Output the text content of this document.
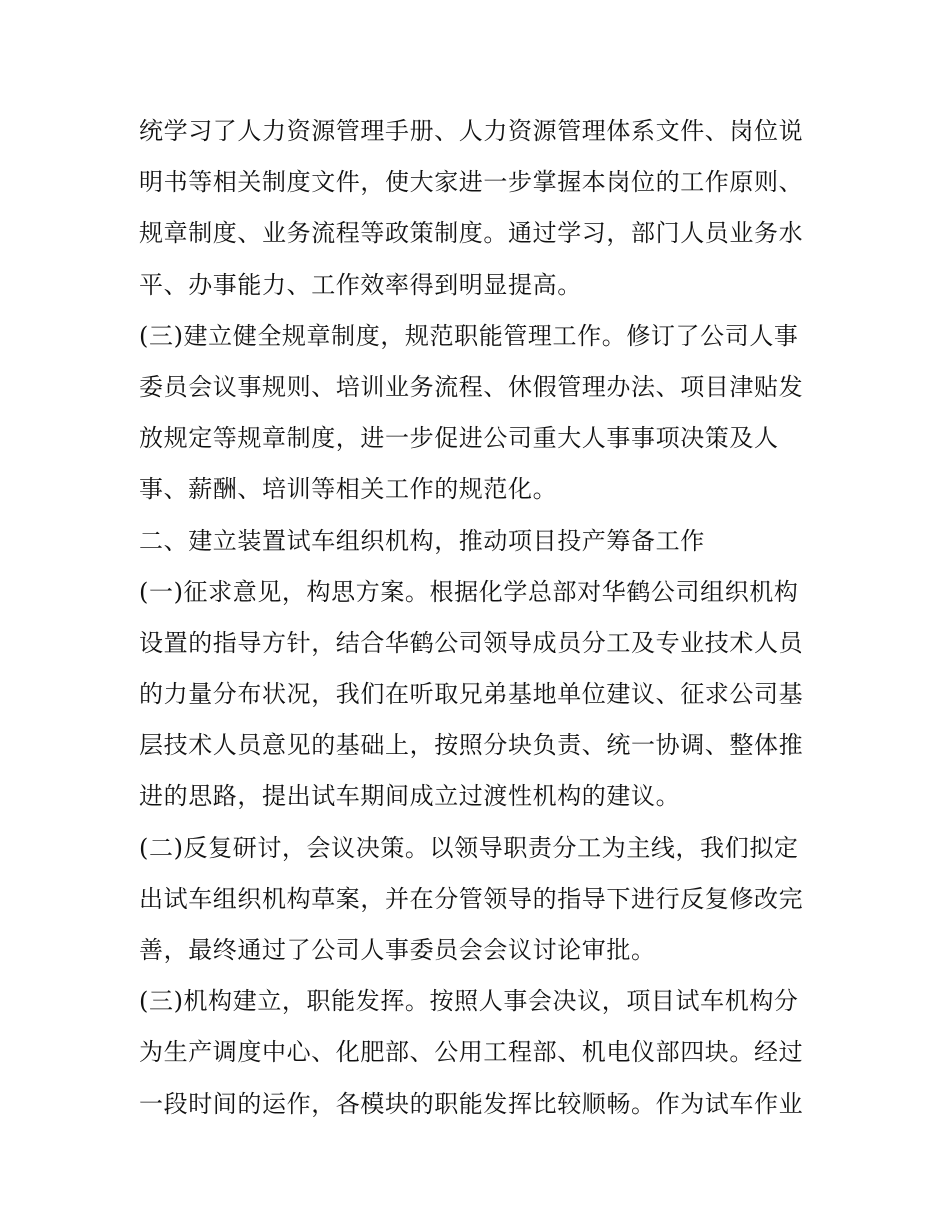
统学习了人力资源管理手册、人力资源管理体系文件、岗位说
明书等相关制度文件，使大家进一步掌握本岗位的工作原则、
规章制度、业务流程等政策制度。通过学习，部门人员业务水
平、办事能力、工作效率得到明显提高。
(三)建立健全规章制度，规范职能管理工作。修订了公司人事
委员会议事规则、培训业务流程、休假管理办法、项目津贴发
放规定等规章制度，进一步促进公司重大人事事项决策及人
事、薪酬、培训等相关工作的规范化。
二、建立装置试车组织机构，推动项目投产筹备工作
(一)征求意见，构思方案。根据化学总部对华鹤公司组织机构
设置的指导方针，结合华鹤公司领导成员分工及专业技术人员
的力量分布状况，我们在听取兄弟基地单位建议、征求公司基
层技术人员意见的基础上，按照分块负责、统一协调、整体推
进的思路，提出试车期间成立过渡性机构的建议。
(二)反复研讨，会议决策。以领导职责分工为主线，我们拟定
出试车组织机构草案，并在分管领导的指导下进行反复修改完
善，最终通过了公司人事委员会会议讨论审批。
(三)机构建立，职能发挥。按照人事会决议，项目试车机构分
为生产调度中心、化肥部、公用工程部、机电仪部四块。经过
一段时间的运作，各模块的职能发挥比较顺畅。作为试车作业
